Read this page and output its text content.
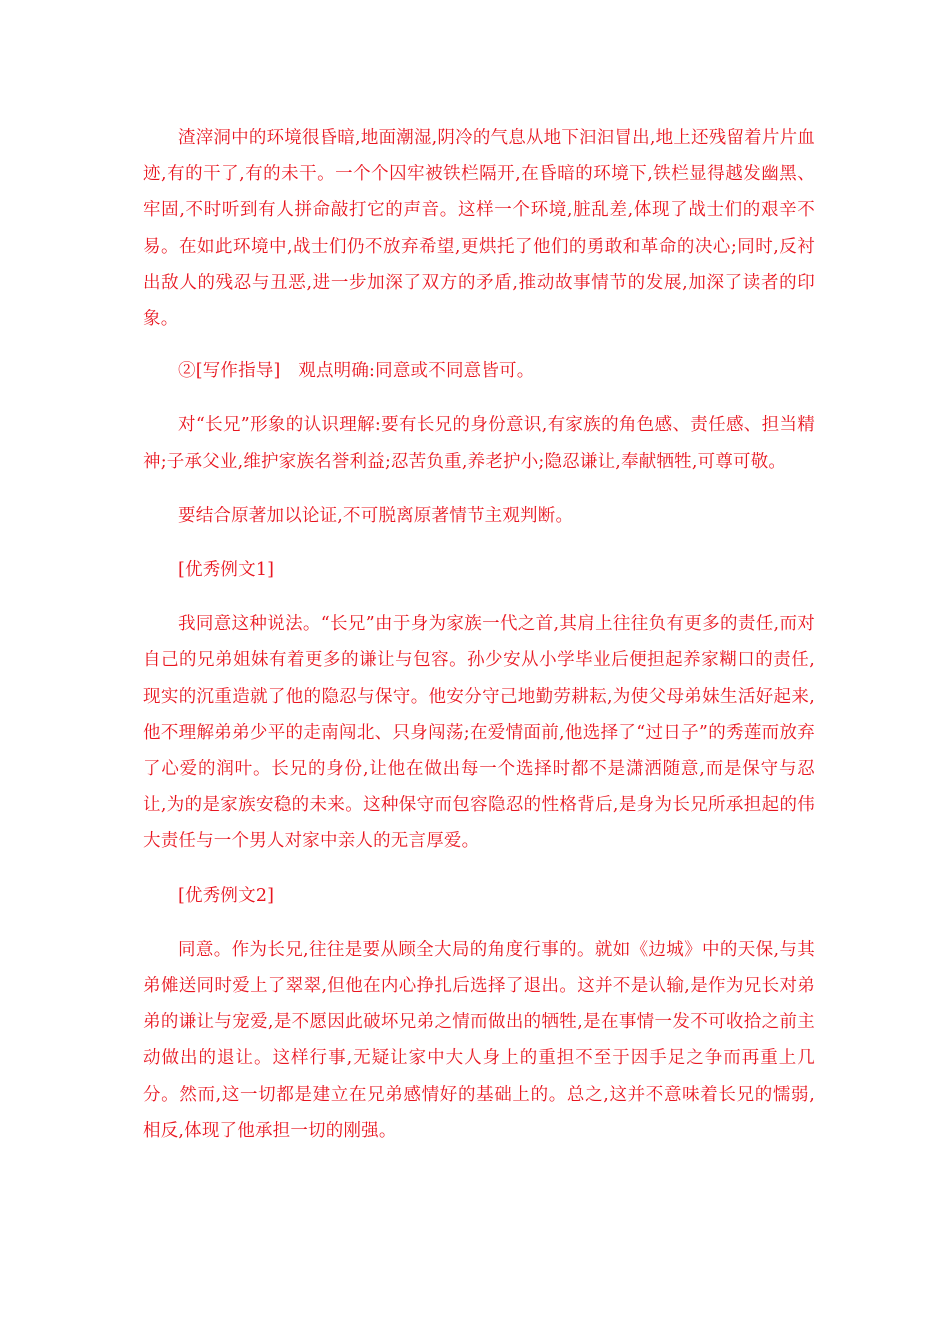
渣滓洞中的环境很昏暗,地面潮湿,阴冷的气息从地下汩汩冒出,地上还残留着片片血迹,有的干了,有的未干。一个个囚牢被铁栏隔开,在昏暗的环境下,铁栏显得越发幽黑、牢固,不时听到有人拼命敲打它的声音。这样一个环境,脏乱差,体现了战士们的艰辛不易。在如此环境中,战士们仍不放弃希望,更烘托了他们的勇敢和革命的决心;同时,反衬出敌人的残忍与丑恶,进一步加深了双方的矛盾,推动故事情节的发展,加深了读者的印象。

②[写作指导]　观点明确:同意或不同意皆可。

对“长兄”形象的认识理解:要有长兄的身份意识,有家族的角色感、责任感、担当精神;子承父业,维护家族名誉利益;忍苦负重,养老护小;隐忍谦让,奉献牺牲,可尊可敬。

要结合原著加以论证,不可脱离原著情节主观判断。

[优秀例文1]

我同意这种说法。“长兄”由于身为家族一代之首,其肩上往往负有更多的责任,而对自己的兄弟姐妹有着更多的谦让与包容。孙少安从小学毕业后便担起养家糊口的责任,现实的沉重造就了他的隐忍与保守。他安分守己地勤劳耕耘,为使父母弟妹生活好起来,他不理解弟弟少平的走南闯北、只身闯荡;在爱情面前,他选择了“过日子”的秀莲而放弃了心爱的润叶。长兄的身份,让他在做出每一个选择时都不是潇洒随意,而是保守与忍让,为的是家族安稳的未来。这种保守而包容隐忍的性格背后,是身为长兄所承担起的伟大责任与一个男人对家中亲人的无言厚爱。

[优秀例文2]

同意。作为长兄,往往是要从顾全大局的角度行事的。就如《边城》中的天保,与其弟傩送同时爱上了翠翠,但他在内心挣扎后选择了退出。这并不是认输,是作为兄长对弟弟的谦让与宠爱,是不愿因此破坏兄弟之情而做出的牺牲,是在事情一发不可收拾之前主动做出的退让。这样行事,无疑让家中大人身上的重担不至于因手足之争而再重上几分。然而,这一切都是建立在兄弟感情好的基础上的。总之,这并不意味着长兄的懦弱,相反,体现了他承担一切的刚强。
